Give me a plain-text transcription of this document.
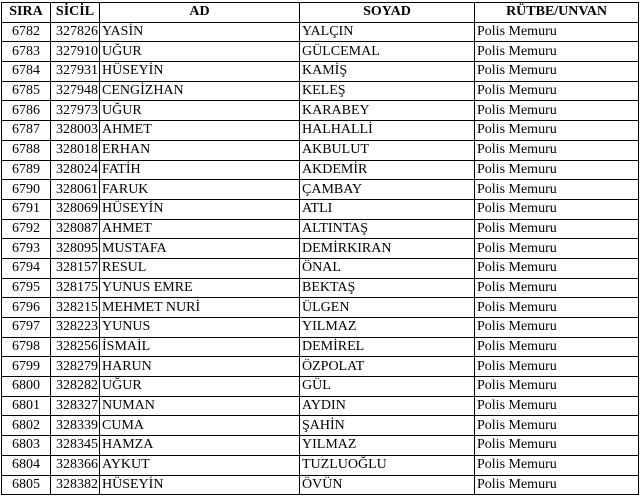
SIRA	SİCİL	AD	SOYAD	RÜTBE/UNVAN
6782	327826	YASİN	YALÇIN	Polis Memuru
6783	327910	UĞUR	GÜLCEMAL	Polis Memuru
6784	327931	HÜSEYİN	KAMİŞ	Polis Memuru
6785	327948	CENGİZHAN	KELEŞ	Polis Memuru
6786	327973	UĞUR	KARABEY	Polis Memuru
6787	328003	AHMET	HALHALLİ	Polis Memuru
6788	328018	ERHAN	AKBULUT	Polis Memuru
6789	328024	FATİH	AKDEMİR	Polis Memuru
6790	328061	FARUK	ÇAMBAY	Polis Memuru
6791	328069	HÜSEYİN	ATLI	Polis Memuru
6792	328087	AHMET	ALTINTAŞ	Polis Memuru
6793	328095	MUSTAFA	DEMİRKIRAN	Polis Memuru
6794	328157	RESUL	ÖNAL	Polis Memuru
6795	328175	YUNUS EMRE	BEKTAŞ	Polis Memuru
6796	328215	MEHMET NURİ	ÜLGEN	Polis Memuru
6797	328223	YUNUS	YILMAZ	Polis Memuru
6798	328256	İSMAİL	DEMİREL	Polis Memuru
6799	328279	HARUN	ÖZPOLAT	Polis Memuru
6800	328282	UĞUR	GÜL	Polis Memuru
6801	328327	NUMAN	AYDIN	Polis Memuru
6802	328339	CUMA	ŞAHİN	Polis Memuru
6803	328345	HAMZA	YILMAZ	Polis Memuru
6804	328366	AYKUT	TUZLUOĞLU	Polis Memuru
6805	328382	HÜSEYİN	ÖVÜN	Polis Memuru
